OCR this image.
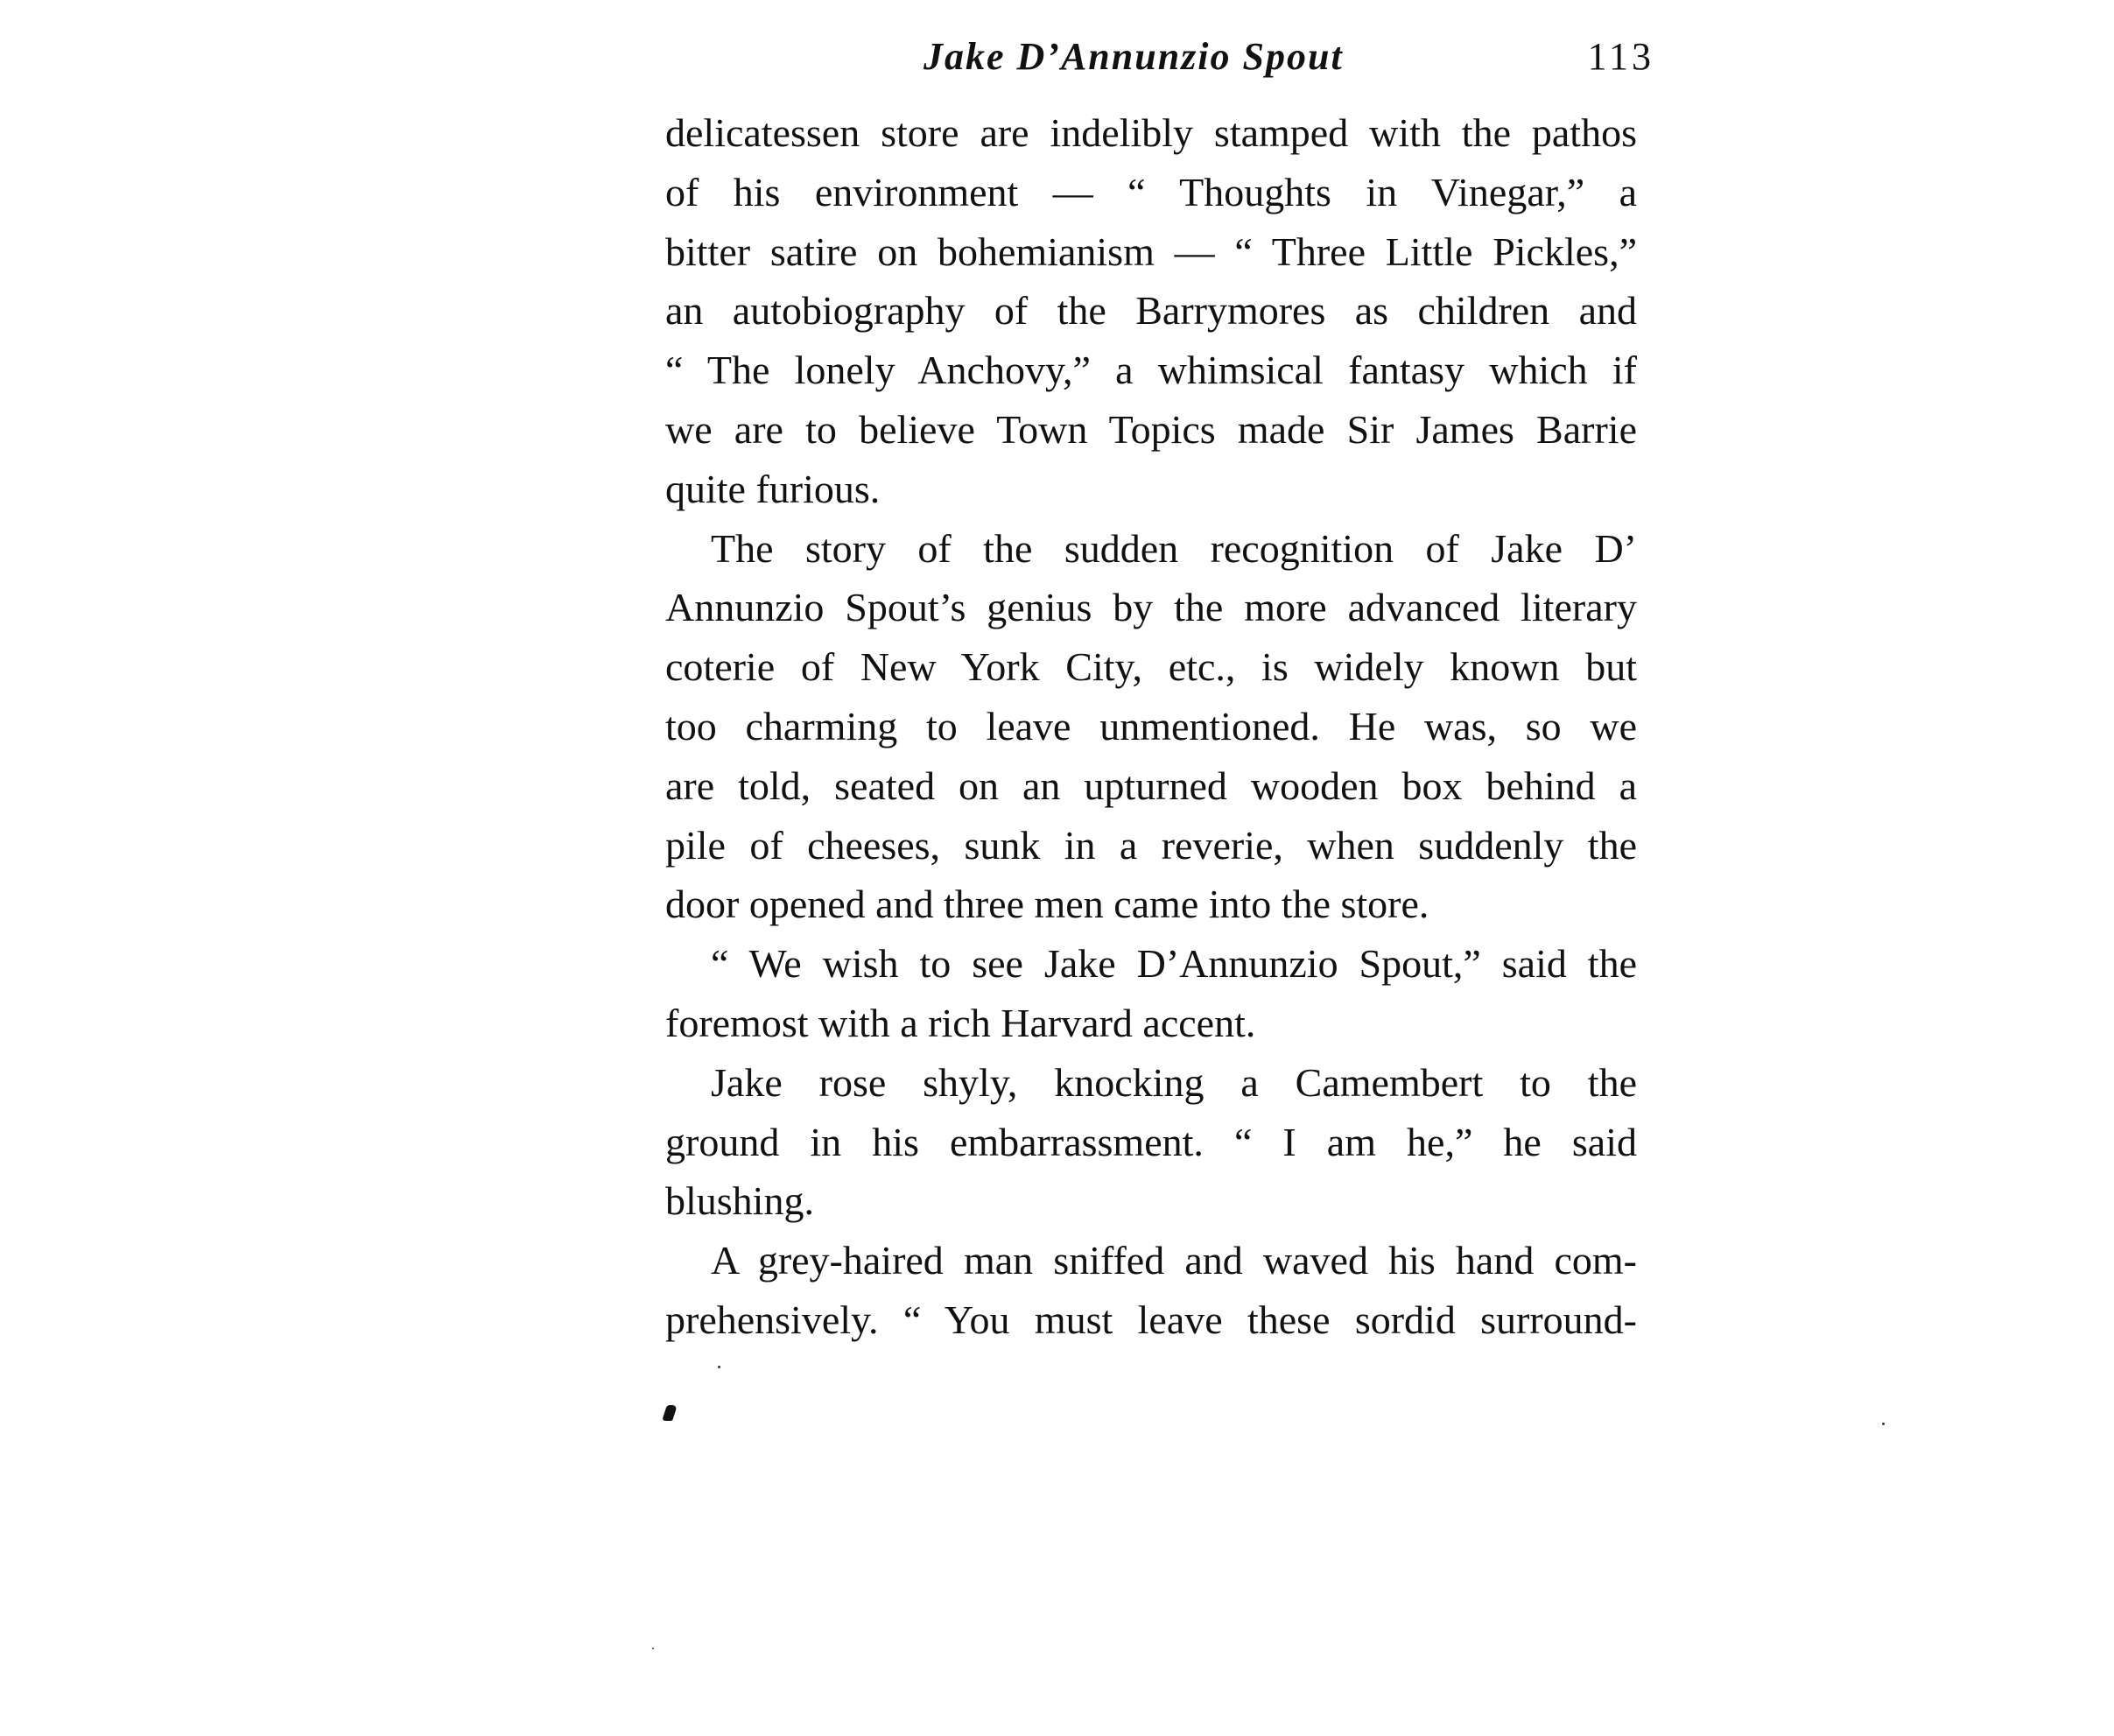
Jake D’Annunzio Spout	113

delicatessen store are indelibly stamped with the pathos
of his environment — “ Thoughts in Vinegar,” a
bitter satire on bohemianism — “ Three Little Pickles,”
an autobiography of the Barrymores as children and
“ The lonely Anchovy,” a whimsical fantasy which if
we are to believe Town Topics made Sir James Barrie
quite furious.

The story of the sudden recognition of Jake D’
Annunzio Spout’s genius by the more advanced literary
coterie of New York City, etc., is widely known but
too charming to leave unmentioned. He was, so we
are told, seated on an upturned wooden box behind a
pile of cheeses, sunk in a reverie, when suddenly the
door opened and three men came into the store.

“ We wish to see Jake D’Annunzio Spout,” said the
foremost with a rich Harvard accent.

Jake rose shyly, knocking a Camembert to the
ground in his embarrassment. “ I am he,” he said
blushing.

A grey-haired man sniffed and waved his hand com-
prehensively. “ You must leave these sordid surround-
